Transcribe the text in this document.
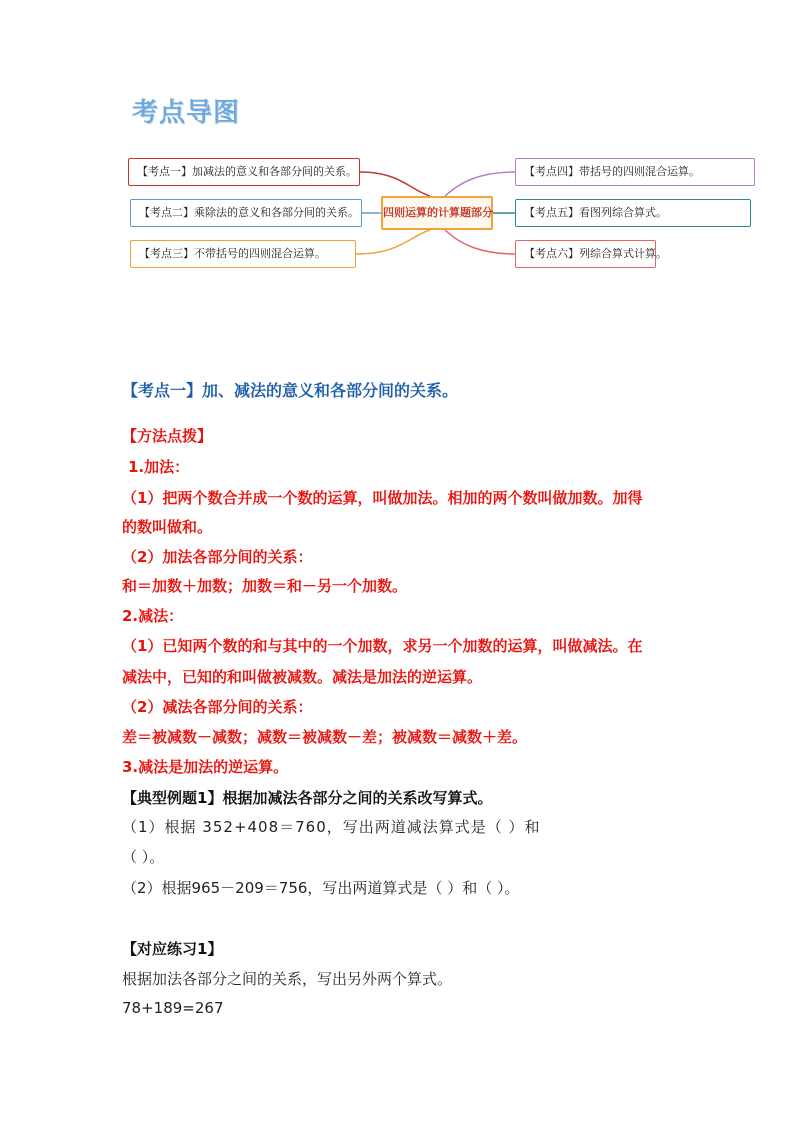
考点导图
【考点一】加减法的意义和各部分间的关系。
【考点二】乘除法的意义和各部分间的关系。
【考点三】不带括号的四则混合运算。
四则运算的计算题部分
【考点四】带括号的四则混合运算。
【考点五】看图列综合算式。
【考点六】列综合算式计算。
【考点一】加、减法的意义和各部分间的关系。
【方法点拨】
1.加法：
（1）把两个数合并成一个数的运算，叫做加法。相加的两个数叫做加数。加得
的数叫做和。
（2）加法各部分间的关系：
和＝加数＋加数；加数＝和－另一个加数。
2.减法：
（1）已知两个数的和与其中的一个加数，求另一个加数的运算，叫做减法。在
减法中，已知的和叫做被减数。减法是加法的逆运算。
（2）减法各部分间的关系：
差＝被减数－减数；减数＝被减数－差；被减数＝减数＋差。
3.减法是加法的逆运算。
【典型例题1】根据加减法各部分之间的关系改写算式。
（1）根据 352+408＝760，写出两道减法算式是（ ）和
（ ）。
（2）根据965－209＝756，写出两道算式是（ ）和（ ）。
【对应练习1】
根据加法各部分之间的关系，写出另外两个算式。
78+189=267
